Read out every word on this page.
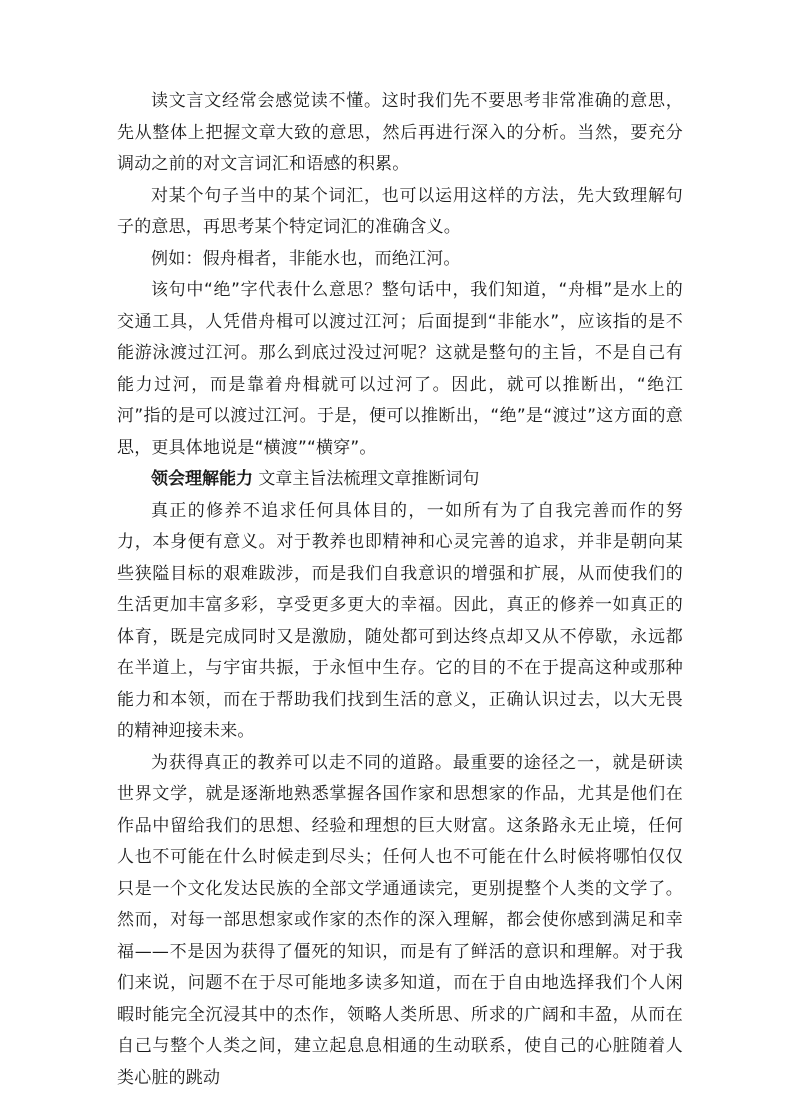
读文言文经常会感觉读不懂。这时我们先不要思考非常准确的意思，先从整体上把握文章大致的意思，然后再进行深入的分析。当然，要充分调动之前的对文言词汇和语感的积累。

对某个句子当中的某个词汇，也可以运用这样的方法，先大致理解句子的意思，再思考某个特定词汇的准确含义。

例如：假舟楫者，非能水也，而绝江河。

该句中“绝”字代表什么意思？整句话中，我们知道，“舟楫”是水上的交通工具，人凭借舟楫可以渡过江河；后面提到“非能水”，应该指的是不能游泳渡过江河。那么到底过没过河呢？这就是整句的主旨，不是自己有能力过河，而是靠着舟楫就可以过河了。因此，就可以推断出，“绝江河”指的是可以渡过江河。于是，便可以推断出，“绝”是“渡过”这方面的意思，更具体地说是“横渡”“横穿”。

领会理解能力 文章主旨法梳理文章推断词句

真正的修养不追求任何具体目的，一如所有为了自我完善而作的努力，本身便有意义。对于教养也即精神和心灵完善的追求，并非是朝向某些狭隘目标的艰难跋涉，而是我们自我意识的增强和扩展，从而使我们的生活更加丰富多彩，享受更多更大的幸福。因此，真正的修养一如真正的体育，既是完成同时又是激励，随处都可到达终点却又从不停歇，永远都在半道上，与宇宙共振，于永恒中生存。它的目的不在于提高这种或那种能力和本领，而在于帮助我们找到生活的意义，正确认识过去，以大无畏的精神迎接未来。

为获得真正的教养可以走不同的道路。最重要的途径之一，就是研读世界文学，就是逐渐地熟悉掌握各国作家和思想家的作品，尤其是他们在作品中留给我们的思想、经验和理想的巨大财富。这条路永无止境，任何人也不可能在什么时候走到尽头；任何人也不可能在什么时候将哪怕仅仅只是一个文化发达民族的全部文学通通读完，更别提整个人类的文学了。然而，对每一部思想家或作家的杰作的深入理解，都会使你感到满足和幸福——不是因为获得了僵死的知识，而是有了鲜活的意识和理解。对于我们来说，问题不在于尽可能地多读多知道，而在于自由地选择我们个人闲暇时能完全沉浸其中的杰作，领略人类所思、所求的广阔和丰盈，从而在自己与整个人类之间，建立起息息相通的生动联系，使自己的心脏随着人类心脏的跳动
